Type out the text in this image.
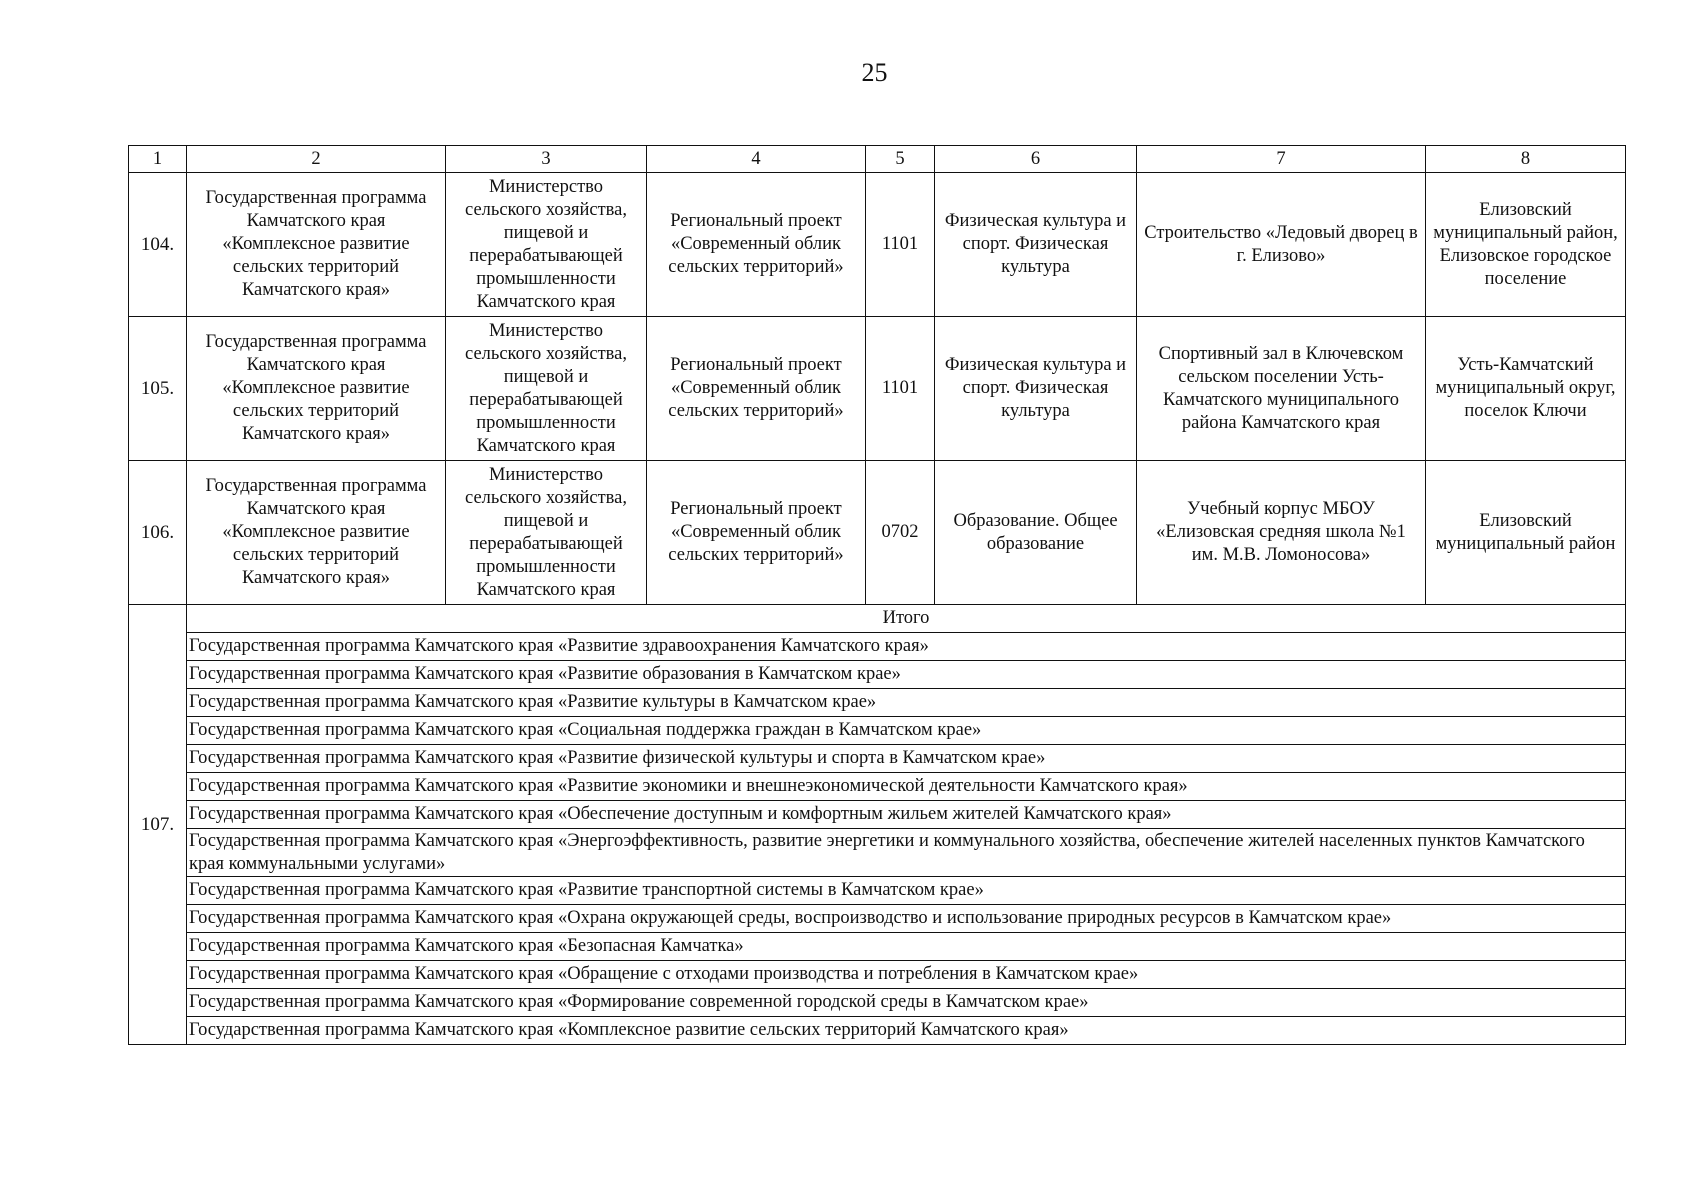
25
1	2	3	4	5	6	7	8
104.	Государственная программа Камчатского края «Комплексное развитие сельских территорий Камчатского края»	Министерство сельского хозяйства, пищевой и перерабатывающей промышленности Камчатского края	Региональный проект «Современный облик сельских территорий»	1101	Физическая культура и спорт. Физическая культура	Строительство «Ледовый дворец в г. Елизово»	Елизовский муниципальный район, Елизовское городское поселение
105.	Государственная программа Камчатского края «Комплексное развитие сельских территорий Камчатского края»	Министерство сельского хозяйства, пищевой и перерабатывающей промышленности Камчатского края	Региональный проект «Современный облик сельских территорий»	1101	Физическая культура и спорт. Физическая культура	Спортивный зал в Ключевском сельском поселении Усть-Камчатского муниципального района Камчатского края	Усть-Камчатский муниципальный округ, поселок Ключи
106.	Государственная программа Камчатского края «Комплексное развитие сельских территорий Камчатского края»	Министерство сельского хозяйства, пищевой и перерабатывающей промышленности Камчатского края	Региональный проект «Современный облик сельских территорий»	0702	Образование. Общее образование	Учебный корпус МБОУ «Елизовская средняя школа №1 им. М.В. Ломоносова»	Елизовский муниципальный район
107.	Итого						
	Государственная программа Камчатского края «Развитие здравоохранения Камчатского края»						
	Государственная программа Камчатского края «Развитие образования в Камчатском крае»						
	Государственная программа Камчатского края «Развитие культуры в Камчатском крае»						
	Государственная программа Камчатского края «Социальная поддержка граждан в Камчатском крае»						
	Государственная программа Камчатского края «Развитие физической культуры и спорта в Камчатском крае»						
	Государственная программа Камчатского края «Развитие экономики и внешнеэкономической деятельности Камчатского края»						
	Государственная программа Камчатского края «Обеспечение доступным и комфортным жильем жителей Камчатского края»						
	Государственная программа Камчатского края «Энергоэффективность, развитие энергетики и коммунального хозяйства, обеспечение жителей населенных пунктов Камчатского края коммунальными услугами»						
	Государственная программа Камчатского края «Развитие транспортной системы в Камчатском крае»						
	Государственная программа Камчатского края «Охрана окружающей среды, воспроизводство и использование природных ресурсов в Камчатском крае»						
	Государственная программа Камчатского края «Безопасная Камчатка»						
	Государственная программа Камчатского края «Обращение с отходами производства и потребления в Камчатском крае»						
	Государственная программа Камчатского края «Формирование современной городской среды в Камчатском крае»						
	Государственная программа Камчатского края «Комплексное развитие сельских территорий Камчатского края»						
